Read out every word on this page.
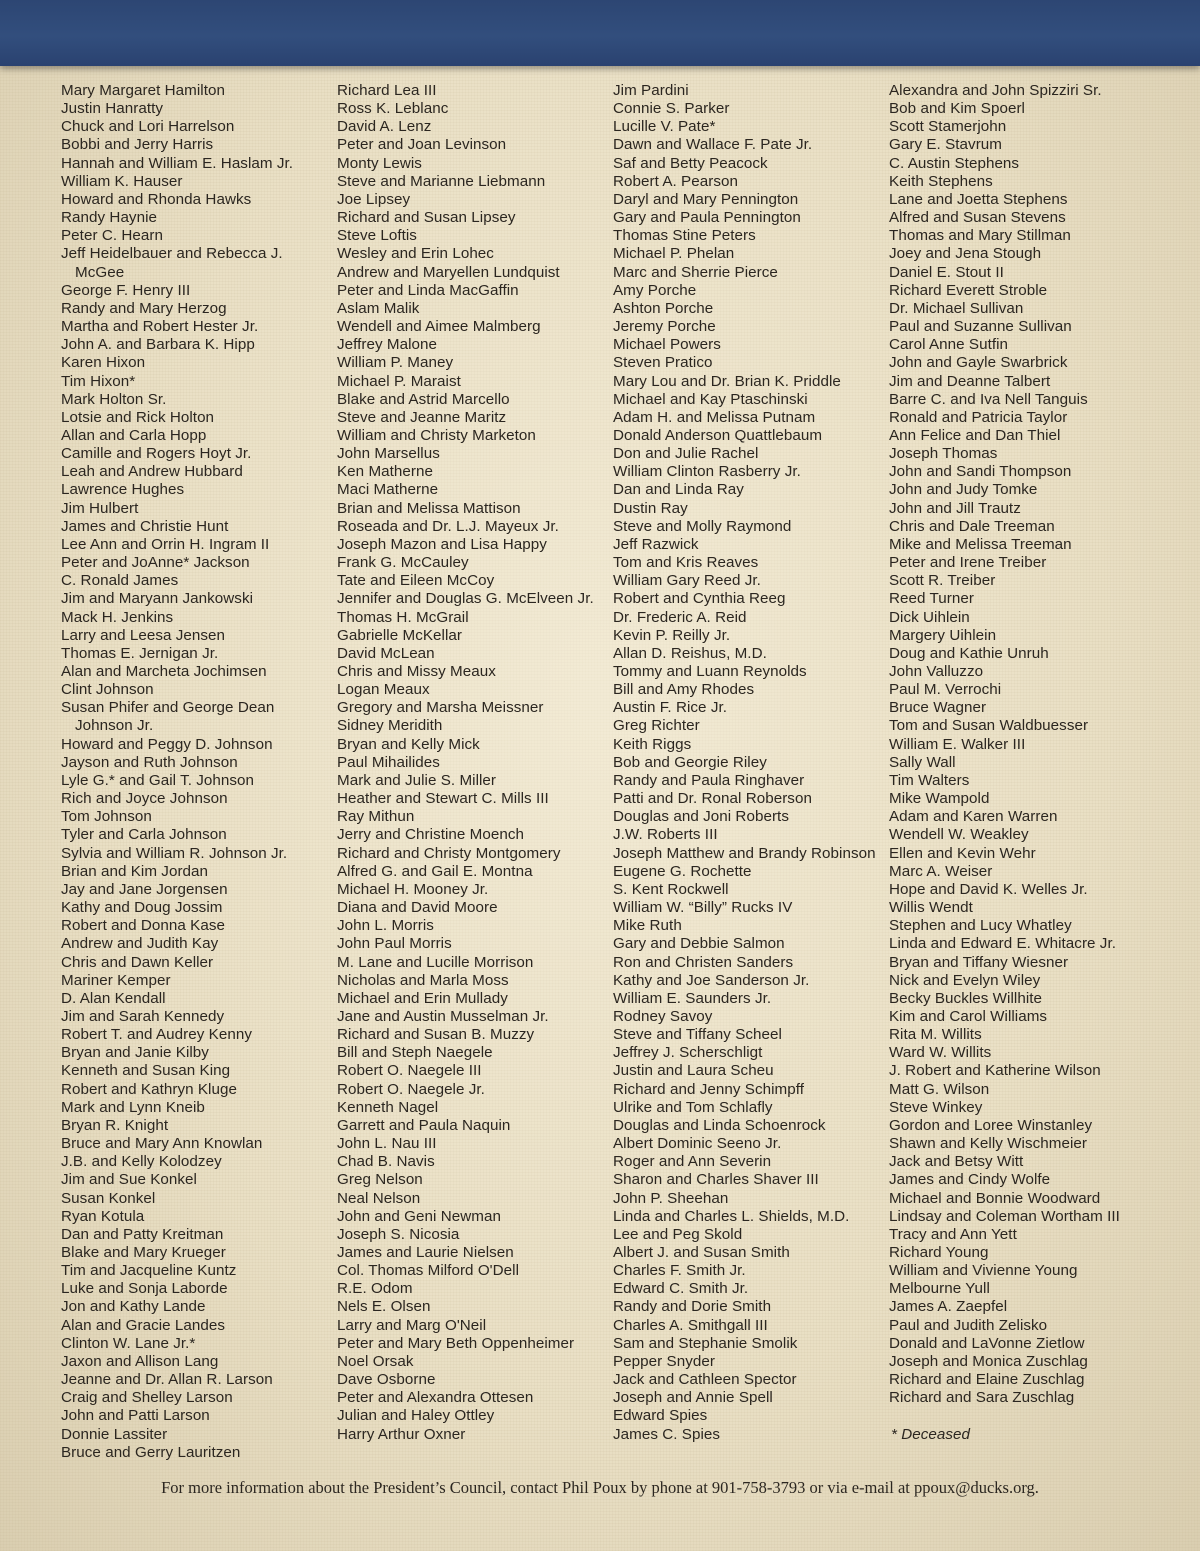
Mary Margaret Hamilton
Justin Hanratty
Chuck and Lori Harrelson
Bobbi and Jerry Harris
Hannah and William E. Haslam Jr.
William K. Hauser
Howard and Rhonda Hawks
Randy Haynie
Peter C. Hearn
Jeff Heidelbauer and Rebecca J. McGee
George F. Henry III
Randy and Mary Herzog
Martha and Robert Hester Jr.
John A. and Barbara K. Hipp
Karen Hixon
Tim Hixon*
Mark Holton Sr.
Lotsie and Rick Holton
Allan and Carla Hopp
Camille and Rogers Hoyt Jr.
Leah and Andrew Hubbard
Lawrence Hughes
Jim Hulbert
James and Christie Hunt
Lee Ann and Orrin H. Ingram II
Peter and JoAnne* Jackson
C. Ronald James
Jim and Maryann Jankowski
Mack H. Jenkins
Larry and Leesa Jensen
Thomas E. Jernigan Jr.
Alan and Marcheta Jochimsen
Clint Johnson
Susan Phifer and George Dean Johnson Jr.
Howard and Peggy D. Johnson
Jayson and Ruth Johnson
Lyle G.* and Gail T. Johnson
Rich and Joyce Johnson
Tom Johnson
Tyler and Carla Johnson
Sylvia and William R. Johnson Jr.
Brian and Kim Jordan
Jay and Jane Jorgensen
Kathy and Doug Jossim
Robert and Donna Kase
Andrew and Judith Kay
Chris and Dawn Keller
Mariner Kemper
D. Alan Kendall
Jim and Sarah Kennedy
Robert T. and Audrey Kenny
Bryan and Janie Kilby
Kenneth and Susan King
Robert and Kathryn Kluge
Mark and Lynn Kneib
Bryan R. Knight
Bruce and Mary Ann Knowlan
J.B. and Kelly Kolodzey
Jim and Sue Konkel
Susan Konkel
Ryan Kotula
Dan and Patty Kreitman
Blake and Mary Krueger
Tim and Jacqueline Kuntz
Luke and Sonja Laborde
Jon and Kathy Lande
Alan and Gracie Landes
Clinton W. Lane Jr.*
Jaxon and Allison Lang
Jeanne and Dr. Allan R. Larson
Craig and Shelley Larson
John and Patti Larson
Donnie Lassiter
Bruce and Gerry Lauritzen
Richard Lea III
Ross K. Leblanc
David A. Lenz
Peter and Joan Levinson
Monty Lewis
Steve and Marianne Liebmann
Joe Lipsey
Richard and Susan Lipsey
Steve Loftis
Wesley and Erin Lohec
Andrew and Maryellen Lundquist
Peter and Linda MacGaffin
Aslam Malik
Wendell and Aimee Malmberg
Jeffrey Malone
William P. Maney
Michael P. Maraist
Blake and Astrid Marcello
Steve and Jeanne Maritz
William and Christy Marketon
John Marsellus
Ken Matherne
Maci Matherne
Brian and Melissa Mattison
Roseada and Dr. L.J. Mayeux Jr.
Joseph Mazon and Lisa Happy
Frank G. McCauley
Tate and Eileen McCoy
Jennifer and Douglas G. McElveen Jr.
Thomas H. McGrail
Gabrielle McKellar
David McLean
Chris and Missy Meaux
Logan Meaux
Gregory and Marsha Meissner
Sidney Meridith
Bryan and Kelly Mick
Paul Mihailides
Mark and Julie S. Miller
Heather and Stewart C. Mills III
Ray Mithun
Jerry and Christine Moench
Richard and Christy Montgomery
Alfred G. and Gail E. Montna
Michael H. Mooney Jr.
Diana and David Moore
John L. Morris
John Paul Morris
M. Lane and Lucille Morrison
Nicholas and Marla Moss
Michael and Erin Mullady
Jane and Austin Musselman Jr.
Richard and Susan B. Muzzy
Bill and Steph Naegele
Robert O. Naegele III
Robert O. Naegele Jr.
Kenneth Nagel
Garrett and Paula Naquin
John L. Nau III
Chad B. Navis
Greg Nelson
Neal Nelson
John and Geni Newman
Joseph S. Nicosia
James and Laurie Nielsen
Col. Thomas Milford O'Dell
R.E. Odom
Nels E. Olsen
Larry and Marg O'Neil
Peter and Mary Beth Oppenheimer
Noel Orsak
Dave Osborne
Peter and Alexandra Ottesen
Julian and Haley Ottley
Harry Arthur Oxner
Jim Pardini
Connie S. Parker
Lucille V. Pate*
Dawn and Wallace F. Pate Jr.
Saf and Betty Peacock
Robert A. Pearson
Daryl and Mary Pennington
Gary and Paula Pennington
Thomas Stine Peters
Michael P. Phelan
Marc and Sherrie Pierce
Amy Porche
Ashton Porche
Jeremy Porche
Michael Powers
Steven Pratico
Mary Lou and Dr. Brian K. Priddle
Michael and Kay Ptaschinski
Adam H. and Melissa Putnam
Donald Anderson Quattlebaum
Don and Julie Rachel
William Clinton Rasberry Jr.
Dan and Linda Ray
Dustin Ray
Steve and Molly Raymond
Jeff Razwick
Tom and Kris Reaves
William Gary Reed Jr.
Robert and Cynthia Reeg
Dr. Frederic A. Reid
Kevin P. Reilly Jr.
Allan D. Reishus, M.D.
Tommy and Luann Reynolds
Bill and Amy Rhodes
Austin F. Rice Jr.
Greg Richter
Keith Riggs
Bob and Georgie Riley
Randy and Paula Ringhaver
Patti and Dr. Ronal Roberson
Douglas and Joni Roberts
J.W. Roberts III
Joseph Matthew and Brandy Robinson
Eugene G. Rochette
S. Kent Rockwell
William W. “Billy” Rucks IV
Mike Ruth
Gary and Debbie Salmon
Ron and Christen Sanders
Kathy and Joe Sanderson Jr.
William E. Saunders Jr.
Rodney Savoy
Steve and Tiffany Scheel
Jeffrey J. Scherschligt
Justin and Laura Scheu
Richard and Jenny Schimpff
Ulrike and Tom Schlafly
Douglas and Linda Schoenrock
Albert Dominic Seeno Jr.
Roger and Ann Severin
Sharon and Charles Shaver III
John P. Sheehan
Linda and Charles L. Shields, M.D.
Lee and Peg Skold
Albert J. and Susan Smith
Charles F. Smith Jr.
Edward C. Smith Jr.
Randy and Dorie Smith
Charles A. Smithgall III
Sam and Stephanie Smolik
Pepper Snyder
Jack and Cathleen Spector
Joseph and Annie Spell
Edward Spies
James C. Spies
Alexandra and John Spizziri Sr.
Bob and Kim Spoerl
Scott Stamerjohn
Gary E. Stavrum
C. Austin Stephens
Keith Stephens
Lane and Joetta Stephens
Alfred and Susan Stevens
Thomas and Mary Stillman
Joey and Jena Stough
Daniel E. Stout II
Richard Everett Stroble
Dr. Michael Sullivan
Paul and Suzanne Sullivan
Carol Anne Sutfin
John and Gayle Swarbrick
Jim and Deanne Talbert
Barre C. and Iva Nell Tanguis
Ronald and Patricia Taylor
Ann Felice and Dan Thiel
Joseph Thomas
John and Sandi Thompson
John and Judy Tomke
John and Jill Trautz
Chris and Dale Treeman
Mike and Melissa Treeman
Peter and Irene Treiber
Scott R. Treiber
Reed Turner
Dick Uihlein
Margery Uihlein
Doug and Kathie Unruh
John Valluzzo
Paul M. Verrochi
Bruce Wagner
Tom and Susan Waldbuesser
William E. Walker III
Sally Wall
Tim Walters
Mike Wampold
Adam and Karen Warren
Wendell W. Weakley
Ellen and Kevin Wehr
Marc A. Weiser
Hope and David K. Welles Jr.
Willis Wendt
Stephen and Lucy Whatley
Linda and Edward E. Whitacre Jr.
Bryan and Tiffany Wiesner
Nick and Evelyn Wiley
Becky Buckles Willhite
Kim and Carol Williams
Rita M. Willits
Ward W. Willits
J. Robert and Katherine Wilson
Matt G. Wilson
Steve Winkey
Gordon and Loree Winstanley
Shawn and Kelly Wischmeier
Jack and Betsy Witt
James and Cindy Wolfe
Michael and Bonnie Woodward
Lindsay and Coleman Wortham III
Tracy and Ann Yett
Richard Young
William and Vivienne Young
Melbourne Yull
James A. Zaepfel
Paul and Judith Zelisko
Donald and LaVonne Zietlow
Joseph and Monica Zuschlag
Richard and Elaine Zuschlag
Richard and Sara Zuschlag
* Deceased
For more information about the President’s Council, contact Phil Poux by phone at 901-758-3793 or via e-mail at ppoux@ducks.org.
